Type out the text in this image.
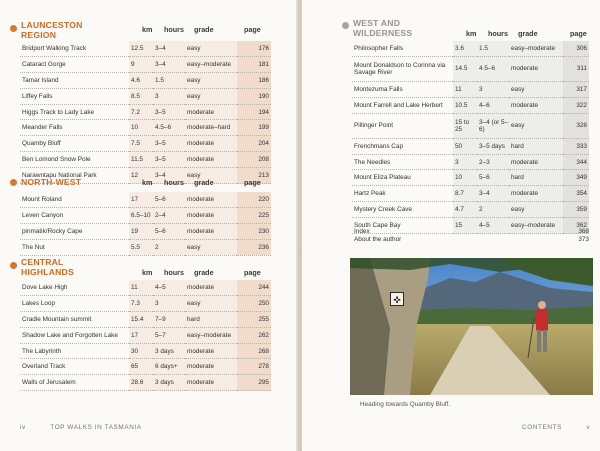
LAUNCESTON
REGION	km hours grade	page
Bridport Walking Track	12.5	3–4	easy	176
Cataract Gorge	9	3–4	easy–moderate	181
Tamar Island	4.6	1.5	easy	186
Liffey Falls	8.5	3	easy	190
Higgs Track to Lady Lake	7.2	3–5	moderate	194
Meander Falls	10	4.5–6	moderate–hard	199
Quamby Bluff	7.5	3–5	moderate	204
Ben Lomond Snow Pole	11.5	3–5	moderate	208
Narawntapu National Park	12	3–4	easy	213
NORTH-WEST	km hours grade	page
Mount Roland	17	5–6	moderate	220
Leven Canyon	6.5–10	2–4	moderate	225
pinmatik/Rocky Cape	19	5–6	moderate	230
The Nut	5.5	2	easy	236
CENTRAL
HIGHLANDS	km hours grade	page
Dove Lake High	11	4–5	moderate	244
Lakes Loop	7.3	3	easy	250
Cradle Mountain summit	15.4	7–9	hard	255
Shadow Lake and Forgotten Lake	17	5–7	easy–moderate	262
The Labyrinth	30	3 days	moderate	268
Overland Track	65	6 days+	moderate	278
Walls of Jerusalem	28.6	3 days	moderate	295
iv	TOP WALKS IN TASMANIA
WEST AND
WILDERNESS	km hours grade	page
Philosopher Falls	3.6	1.5	easy–moderate	306
Mount Donaldson to Corinna via Savage River	14.5	4.5–6	moderate	311
Montezuma Falls	11	3	easy	317
Mount Farrell and Lake Herbert	10.5	4–6	moderate	322
Pillinger Point	15 to 25	3–4 (or 5–6)	easy	328
Frenchmans Cap	50	3–5 days	hard	333
The Needles	3	2–3	moderate	344
Mount Eliza Plateau	10	5–6	hard	349
Hartz Peak	8.7	3–4	moderate	354
Mystery Creek Cave	4.7	2	easy	359
South Cape Bay	15	4–5	easy–moderate	362
Index	368
About the author	373
✜
Heading towards Quamby Bluff.
CONTENTS	v
